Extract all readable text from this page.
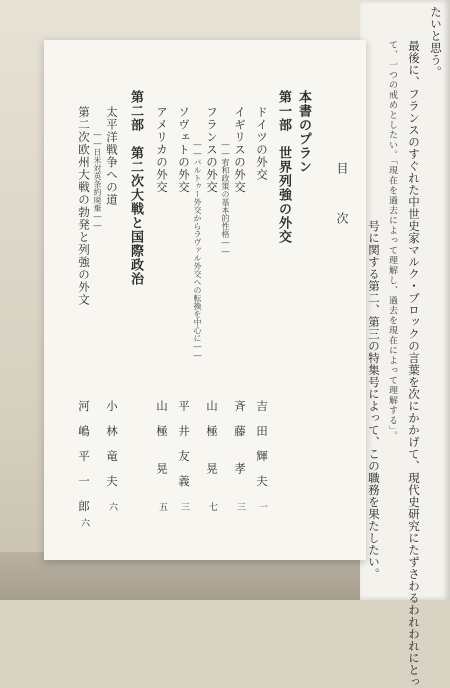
たいと思う。
最後に、フランスのすぐれた中世史家マルク・ブロックの言葉を次にかかげて、現代史研究にたずさわるわれわれにとっ
て、一つの戒めとしたい。「現在を過去によって理解し、過去を現在によって理解する」。
号に関する第二、第三の特集号によって、この職務を果たしたい。
目 次
本書のプラン
第一部　世界列強の外交
ドイツの外交
吉　田　輝　夫
一
イギリスの外交
――宥和政策の基本的性格――
斉　藤　　孝
三
フランスの外交
――バルトゥー外交からラヴァル外交への転換を中心に――
山　極　　晃
七
ソヴェトの外交
平　井　友　義
三
アメリカの外交
山　極　　晃
五
第二部　第二次大戦と国際政治
太平洋戦争への道
――日米対英条約廃棄――
小　林　竜　夫
六
第二次欧州大戦の勃発と列強の外文
河　嶋　平　一　郎
六
